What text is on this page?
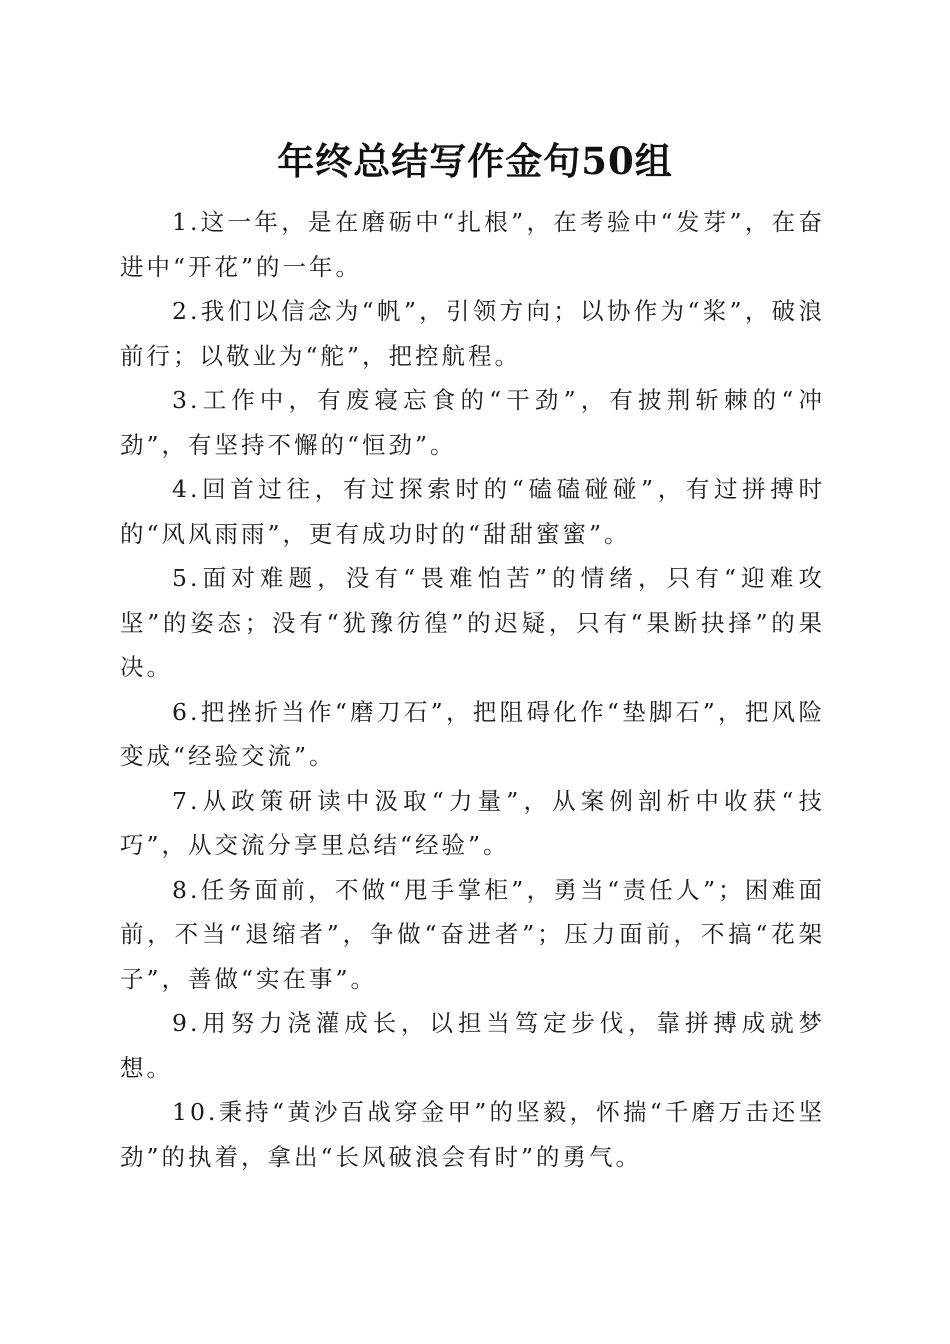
年终总结写作金句50组

1.这一年，是在磨砺中“扎根”，在考验中“发芽”，在奋进中“开花”的一年。

2.我们以信念为“帆”，引领方向；以协作为“桨”，破浪前行；以敬业为“舵”，把控航程。

3.工作中，有废寝忘食的“干劲”，有披荆斩棘的“冲劲”，有坚持不懈的“恒劲”。

4.回首过往，有过探索时的“磕磕碰碰”，有过拼搏时的“风风雨雨”，更有成功时的“甜甜蜜蜜”。

5.面对难题，没有“畏难怕苦”的情绪，只有“迎难攻坚”的姿态；没有“犹豫彷徨”的迟疑，只有“果断抉择”的果决。

6.把挫折当作“磨刀石”，把阻碍化作“垫脚石”，把风险变成“经验交流”。

7.从政策研读中汲取“力量”，从案例剖析中收获“技巧”，从交流分享里总结“经验”。

8.任务面前，不做“甩手掌柜”，勇当“责任人”；困难面前，不当“退缩者”，争做“奋进者”；压力面前，不搞“花架子”，善做“实在事”。

9.用努力浇灌成长，以担当笃定步伐，靠拼搏成就梦想。

10.秉持“黄沙百战穿金甲”的坚毅，怀揣“千磨万击还坚劲”的执着，拿出“长风破浪会有时”的勇气。
